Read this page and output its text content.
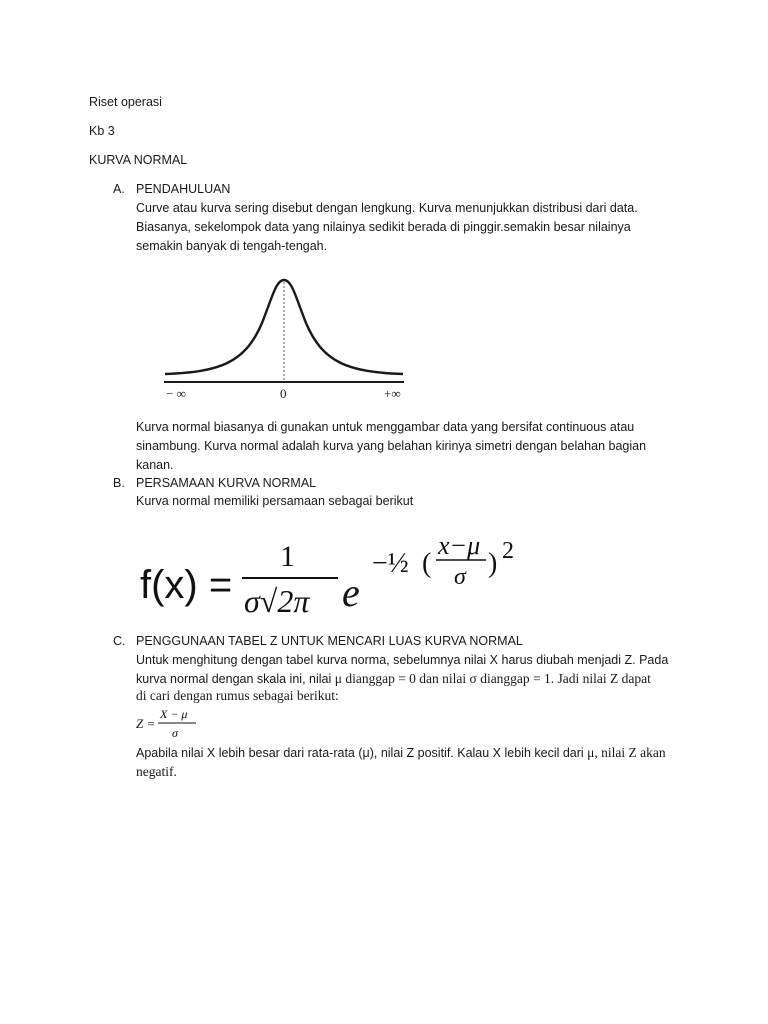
Riset operasi
Kb 3
KURVA NORMAL
A. PENDAHULUAN
Curve atau kurva sering disebut dengan lengkung. Kurva menunjukkan distribusi dari data.
Biasanya, sekelompok data yang nilainya sedikit berada di pinggir.semakin besar nilainya
semakin banyak di tengah-tengah.
− ∞	0	+∞
Kurva normal biasanya di gunakan untuk menggambar data yang bersifat continuous atau
sinambung. Kurva normal adalah kurva yang belahan kirinya simetri dengan belahan bagian
kanan.
B. PERSAMAAN KURVA NORMAL
Kurva normal memiliki persamaan sebagai berikut
f(x) =
1
σ√2π e
−½ (
x−μ
σ ) 2
C. PENGGUNAAN TABEL Z UNTUK MENCARI LUAS KURVA NORMAL
Untuk menghitung dengan tabel kurva norma, sebelumnya nilai X harus diubah menjadi Z. Pada
kurva normal dengan skala ini, nilai μ dianggap = 0 dan nilai σ dianggap = 1. Jadi nilai Z dapat
di cari dengan rumus sebagai berikut:
Z =
X − μ
σ
Apabila nilai X lebih besar dari rata-rata (μ), nilai Z positif. Kalau X lebih kecil dari μ, nilai Z akan
negatif.
